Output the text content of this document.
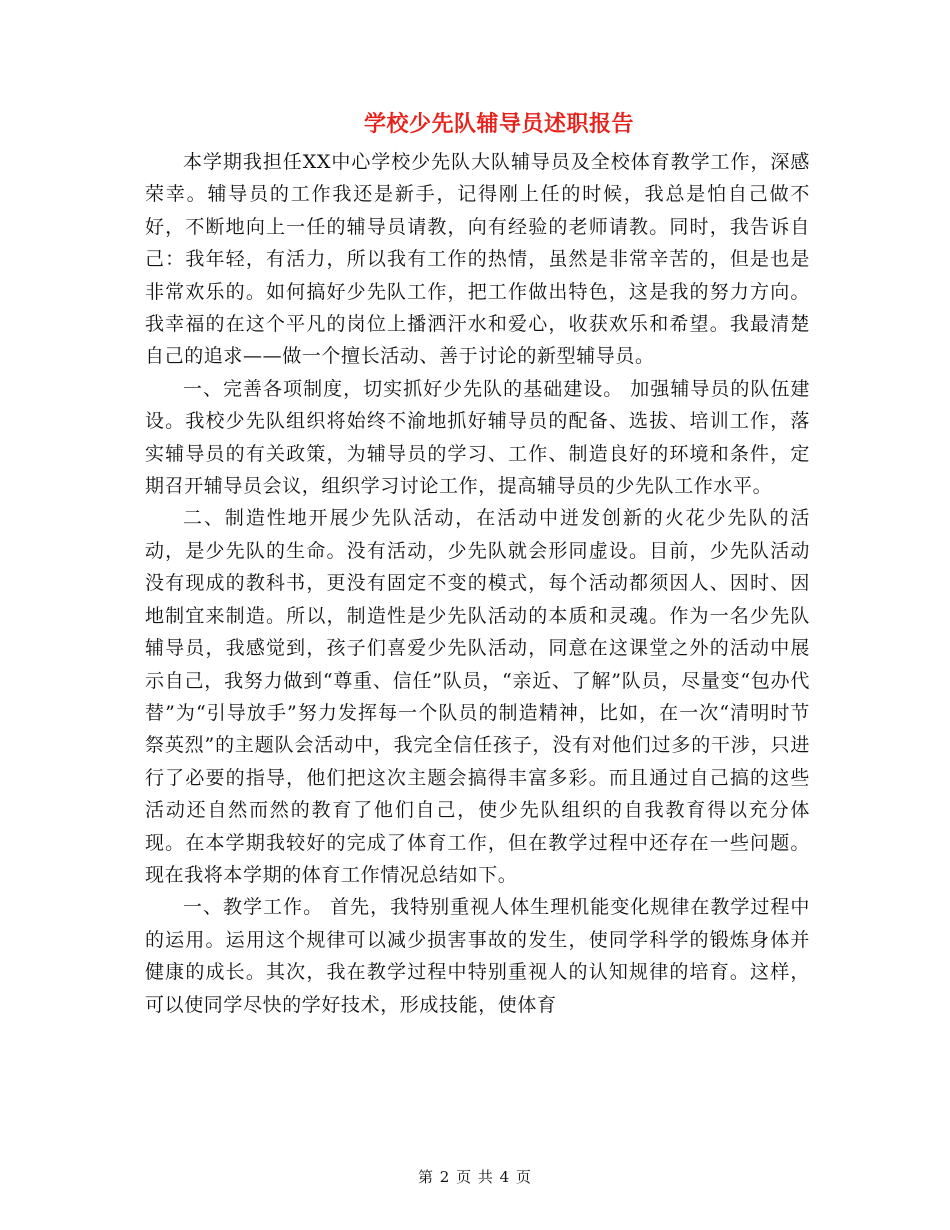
学校少先队辅导员述职报告

本学期我担任XX中心学校少先队大队辅导员及全校体育教学工作，深感荣幸。辅导员的工作我还是新手，记得刚上任的时候，我总是怕自己做不好，不断地向上一任的辅导员请教，向有经验的老师请教。同时，我告诉自己：我年轻，有活力，所以我有工作的热情，虽然是非常辛苦的，但是也是非常欢乐的。如何搞好少先队工作，把工作做出特色，这是我的努力方向。我幸福的在这个平凡的岗位上播洒汗水和爱心，收获欢乐和希望。我最清楚自己的追求——做一个擅长活动、善于讨论的新型辅导员。

一、完善各项制度，切实抓好少先队的基础建设。 加强辅导员的队伍建设。我校少先队组织将始终不渝地抓好辅导员的配备、选拔、培训工作，落实辅导员的有关政策，为辅导员的学习、工作、制造良好的环境和条件，定期召开辅导员会议，组织学习讨论工作，提高辅导员的少先队工作水平。

二、制造性地开展少先队活动，在活动中迸发创新的火花少先队的活动，是少先队的生命。没有活动，少先队就会形同虚设。目前，少先队活动没有现成的教科书，更没有固定不变的模式，每个活动都须因人、因时、因地制宜来制造。所以，制造性是少先队活动的本质和灵魂。作为一名少先队辅导员，我感觉到，孩子们喜爱少先队活动，同意在这课堂之外的活动中展示自己，我努力做到“尊重、信任”队员，“亲近、了解”队员，尽量变“包办代替”为“引导放手”努力发挥每一个队员的制造精神，比如，在一次“清明时节祭英烈”的主题队会活动中，我完全信任孩子，没有对他们过多的干涉，只进行了必要的指导，他们把这次主题会搞得丰富多彩。而且通过自己搞的这些活动还自然而然的教育了他们自己，使少先队组织的自我教育得以充分体现。在本学期我较好的完成了体育工作，但在教学过程中还存在一些问题。现在我将本学期的体育工作情况总结如下。

一、教学工作。 首先，我特别重视人体生理机能变化规律在教学过程中的运用。运用这个规律可以减少损害事故的发生，使同学科学的锻炼身体并健康的成长。其次，我在教学过程中特别重视人的认知规律的培育。这样，可以使同学尽快的学好技术，形成技能，使体育

第 2 页 共 4 页
